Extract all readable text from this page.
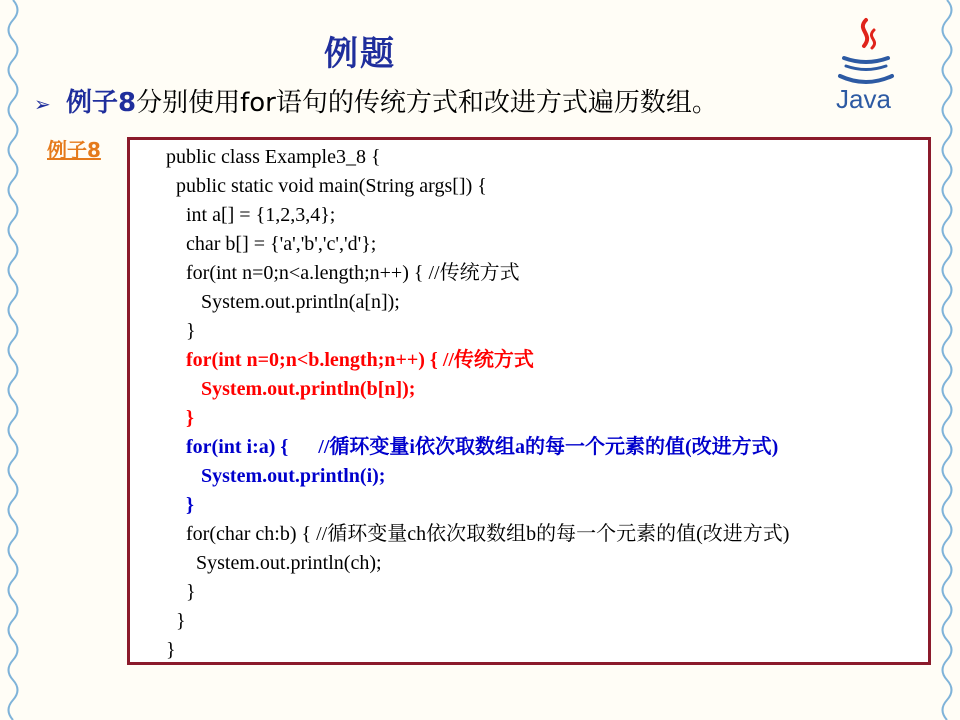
例题
Java
➢ 例子8分别使用for语句的传统方式和改进方式遍历数组。
例子8	public class Example3_8 {
public static void main(String args[]) {
int a[] = {1,2,3,4};
char b[] = {'a','b','c','d'};
for(int n=0;n<a.length;n++) { //传统方式
System.out.println(a[n]);
}
for(int n=0;n<b.length;n++) { //传统方式
System.out.println(b[n]);
}
for(int i:a) {      //循环变量i依次取数组a的每一个元素的值(改进方式)
System.out.println(i);
}
for(char ch:b) { //循环变量ch依次取数组b的每一个元素的值(改进方式)
System.out.println(ch);
}
}
}
